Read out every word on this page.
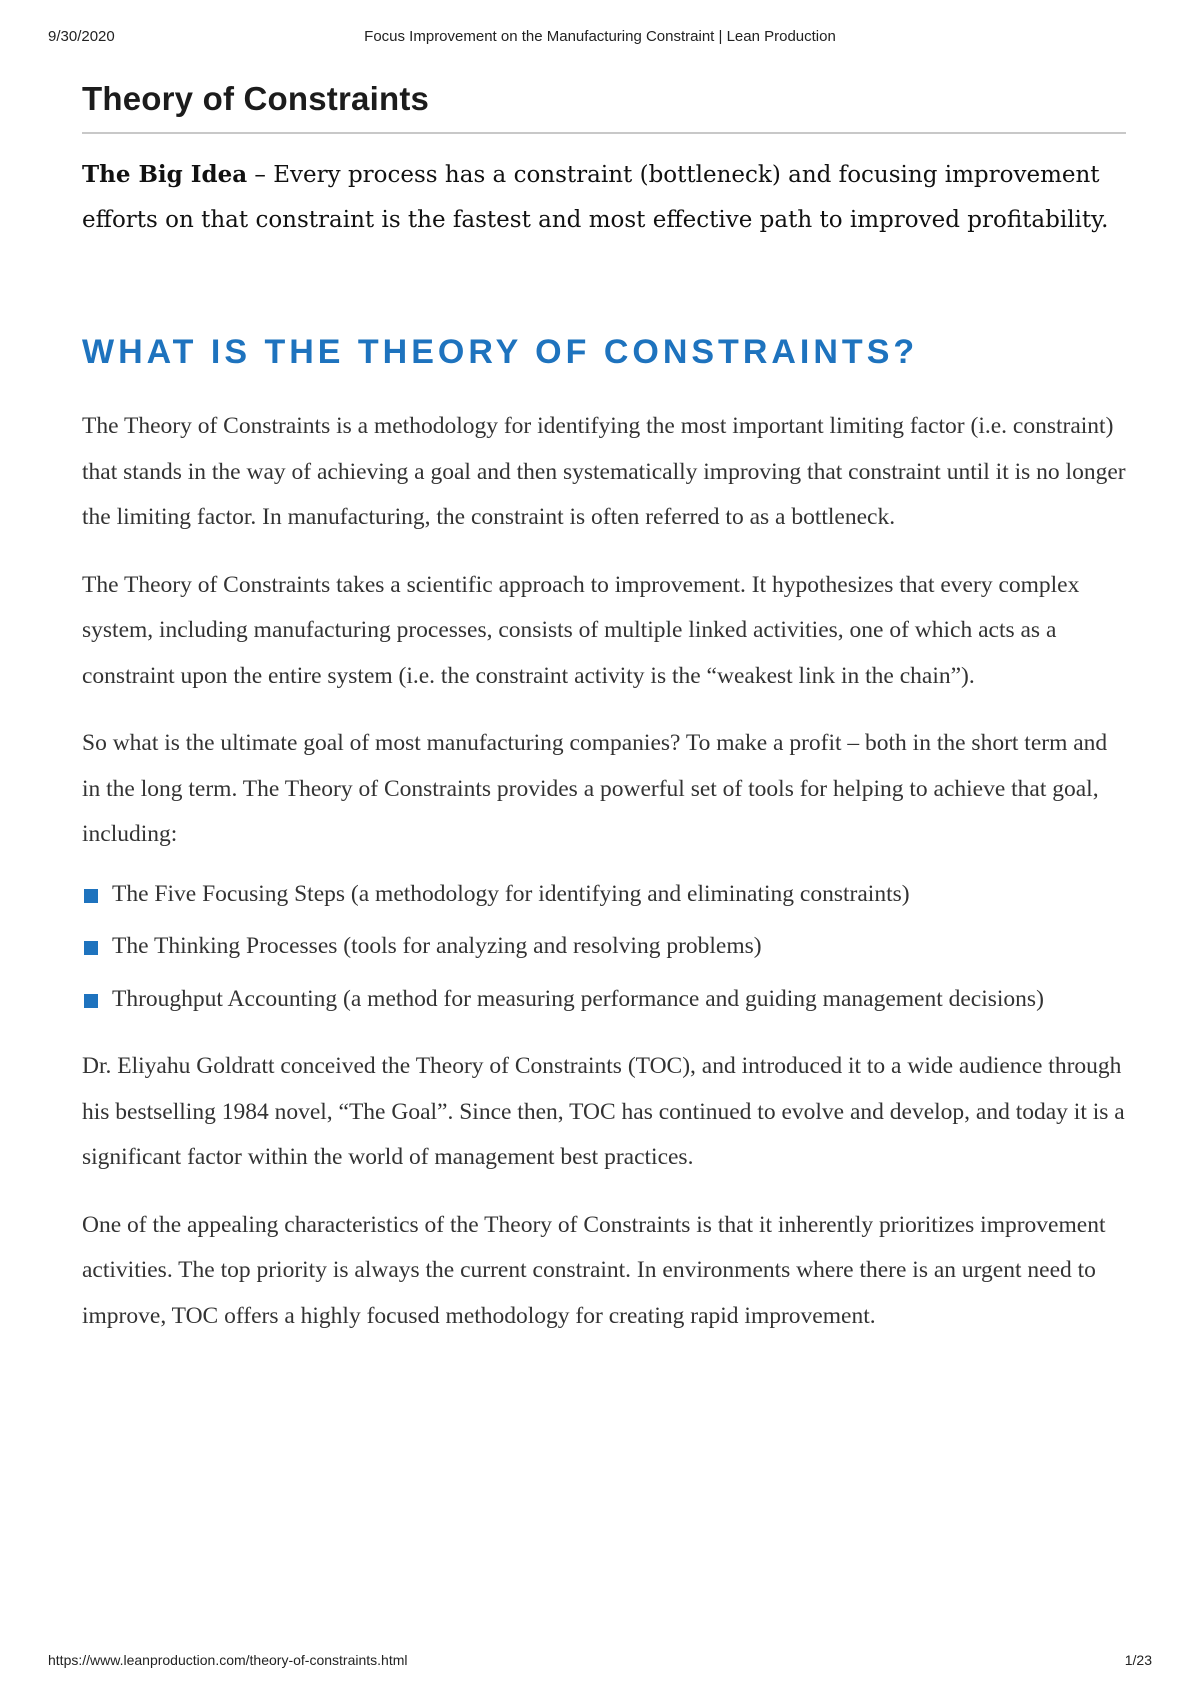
9/30/2020	Focus Improvement on the Manufacturing Constraint | Lean Production
Theory of Constraints

The Big Idea – Every process has a constraint (bottleneck) and focusing improvement efforts on that constraint is the fastest and most effective path to improved profitability.

WHAT IS THE THEORY OF CONSTRAINTS?

The Theory of Constraints is a methodology for identifying the most important limiting factor (i.e. constraint) that stands in the way of achieving a goal and then systematically improving that constraint until it is no longer the limiting factor. In manufacturing, the constraint is often referred to as a bottleneck.

The Theory of Constraints takes a scientific approach to improvement. It hypothesizes that every complex system, including manufacturing processes, consists of multiple linked activities, one of which acts as a constraint upon the entire system (i.e. the constraint activity is the “weakest link in the chain”).

So what is the ultimate goal of most manufacturing companies? To make a profit – both in the short term and in the long term. The Theory of Constraints provides a powerful set of tools for helping to achieve that goal, including:

The Five Focusing Steps (a methodology for identifying and eliminating constraints)
The Thinking Processes (tools for analyzing and resolving problems)
Throughput Accounting (a method for measuring performance and guiding management decisions)

Dr. Eliyahu Goldratt conceived the Theory of Constraints (TOC), and introduced it to a wide audience through his bestselling 1984 novel, “The Goal”. Since then, TOC has continued to evolve and develop, and today it is a significant factor within the world of management best practices.

One of the appealing characteristics of the Theory of Constraints is that it inherently prioritizes improvement activities. The top priority is always the current constraint. In environments where there is an urgent need to improve, TOC offers a highly focused methodology for creating rapid improvement.

https://www.leanproduction.com/theory-of-constraints.html	1/23
